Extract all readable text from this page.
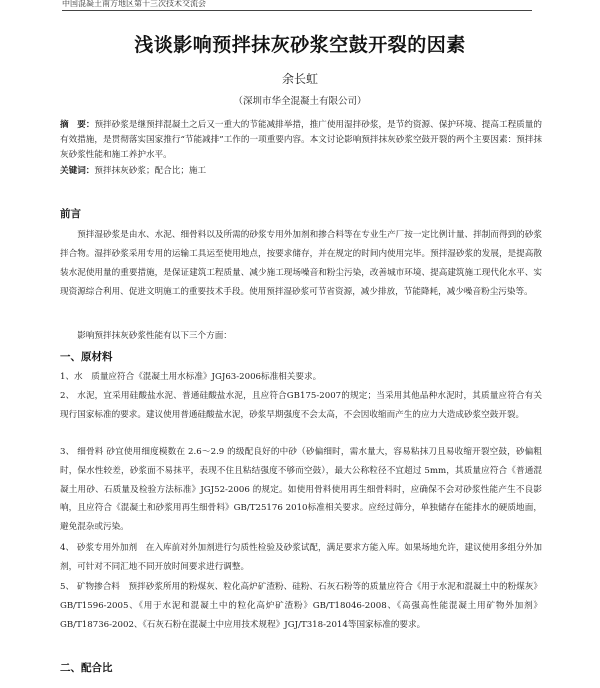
中国混凝土南方地区第十三次技术交流会
浅谈影响预拌抹灰砂浆空鼓开裂的因素
余长虹
（深圳市华全混凝土有限公司）
摘　要：预拌砂浆是继预拌混凝土之后又一重大的节能减排举措，推广使用湿拌砂浆，是节约资源、保护环境、提高工程质量的有效措施，是贯彻落实国家推行“节能减排”工作的一项重要内容。本文讨论影响预拌抹灰砂浆空鼓开裂的两个主要因素：预拌抹灰砂浆性能和施工养护水平。
关键词：预拌抹灰砂浆；配合比；施工
前言
预拌湿砂浆是由水、水泥、细骨料以及所需的砂浆专用外加剂和掺合料等在专业生产厂按一定比例计量、拌制而得到的砂浆拌合物。湿拌砂浆采用专用的运输工具运至使用地点，按要求储存，并在规定的时间内使用完毕。预拌湿砂浆的发展，是提高散装水泥使用量的重要措施，是保证建筑工程质量、减少施工现场噪音和粉尘污染，改善城市环境、提高建筑施工现代化水平、实现资源综合利用、促进文明施工的重要技术手段。使用预拌湿砂浆可节省资源，减少排放，节能降耗，减少噪音粉尘污染等。
影响预拌抹灰砂浆性能有以下三个方面：
一、原材料
1、水　质量应符合《混凝土用水标准》JGJ63-2006标准相关要求。
2、 水泥，宜采用硅酸盐水泥、普通硅酸盐水泥，且应符合GB175-2007的规定；当采用其他品种水泥时，其质量应符合有关现行国家标准的要求。建议使用普通硅酸盐水泥，砂浆早期强度不会太高，不会因收缩而产生的应力大造成砂浆空鼓开裂。
3、 细骨料 砂宜使用细度模数在 2.6～2.9 的级配良好的中砂（砂偏细时，需水量大，容易粘抹刀且易收缩开裂空鼓，砂偏粗时，保水性较差，砂浆面不易抹平，表现不住且粘结强度不够而空鼓），最大公称粒径不宜超过 5mm，其质量应符合《普通混凝土用砂、石质量及检验方法标准》JGJ52-2006 的规定。如使用骨料使用再生细骨料时，应确保不会对砂浆性能产生不良影响，且应符合《混凝土和砂浆用再生细骨料》GB/T25176 2010标准相关要求。应经过筛分，单独储存在能排水的硬质地面，避免混杂或污染。
4、 砂浆专用外加剂　在入库前对外加剂进行匀质性检验及砂浆试配，满足要求方能入库。如果场地允许，建议使用多组分外加剂，可针对不同汇地不同开放时间要求进行调整。
5、 矿物掺合料　预拌砂浆所用的粉煤灰、粒化高炉矿渣粉、硅粉、石灰石粉等的质量应符合《用于水泥和混凝土中的粉煤灰》GB/T1596-2005、《用于水泥和混凝土中的粒化高炉矿渣粉》GB/T18046-2008、《高强高性能混凝土用矿物外加剂》GB/T18736-2002、《石灰石粉在混凝土中应用技术规程》JGJ/T318-2014等国家标准的要求。
二、配合比
